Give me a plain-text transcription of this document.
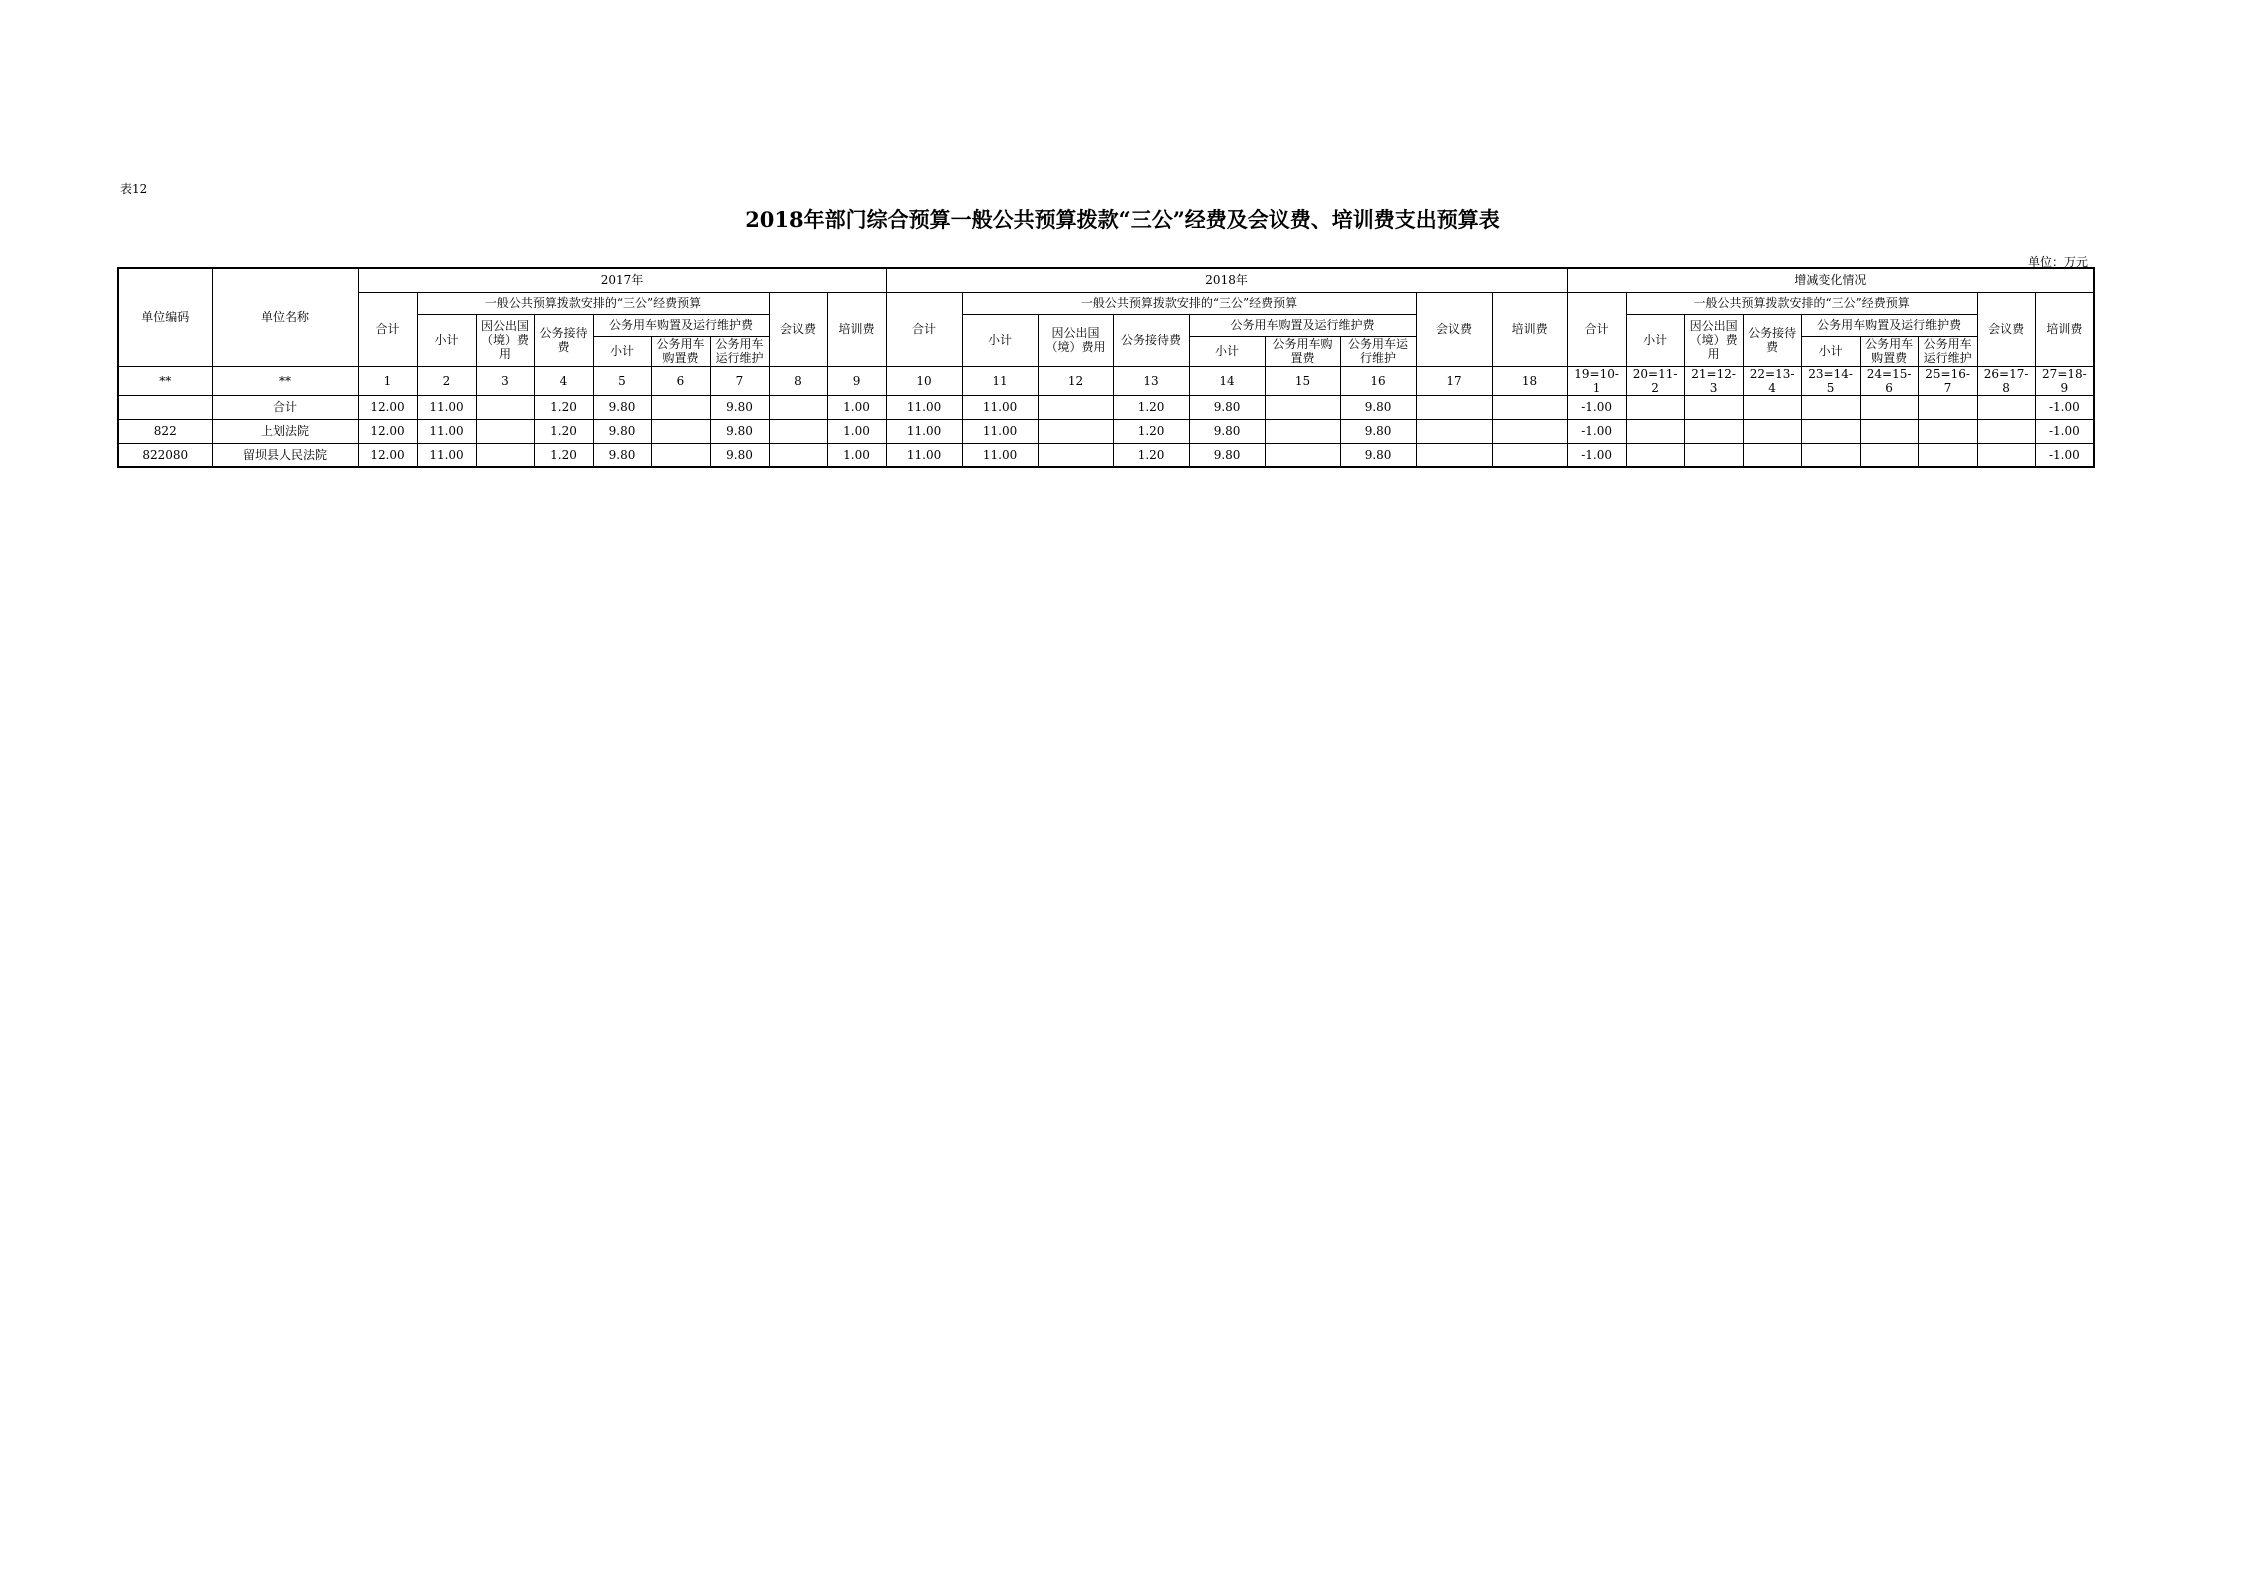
表12
2018年部门综合预算一般公共预算拨款“三公”经费及会议费、培训费支出预算表
单位：万元
单位编码	单位名称	2017年									2018年									增减变化情况								
		合计	一般公共预算拨款安排的“三公”经费预算						会议费	培训费	合计	一般公共预算拨款安排的“三公”经费预算						会议费	培训费	合计	一般公共预算拨款安排的“三公”经费预算						会议费	培训费
			小计	因公出国（境）费用	公务接待费	公务用车购置及运行维护费						小计	因公出国（境）费用	公务接待费	公务用车购置及运行维护费						小计	因公出国（境）费用	公务接待费	公务用车购置及运行维护费				
						小计	公务用车购置费	公务用车运行维护							小计	公务用车购置费	公务用车运行维护							小计	公务用车购置费	公务用车运行维护		
**	**	1	2	3	4	5	6	7	8	9	10	11	12	13	14	15	16	17	18	19=10-1	20=11-2	21=12-3	22=13-4	23=14-5	24=15-6	25=16-7	26=17-8	27=18-9
	合计	12.00	11.00		1.20	9.80		9.80		1.00	11.00	11.00		1.20	9.80		9.80			-1.00								-1.00
822	上划法院	12.00	11.00		1.20	9.80		9.80		1.00	11.00	11.00		1.20	9.80		9.80			-1.00								-1.00
822080	留坝县人民法院	12.00	11.00		1.20	9.80		9.80		1.00	11.00	11.00		1.20	9.80		9.80			-1.00								-1.00
